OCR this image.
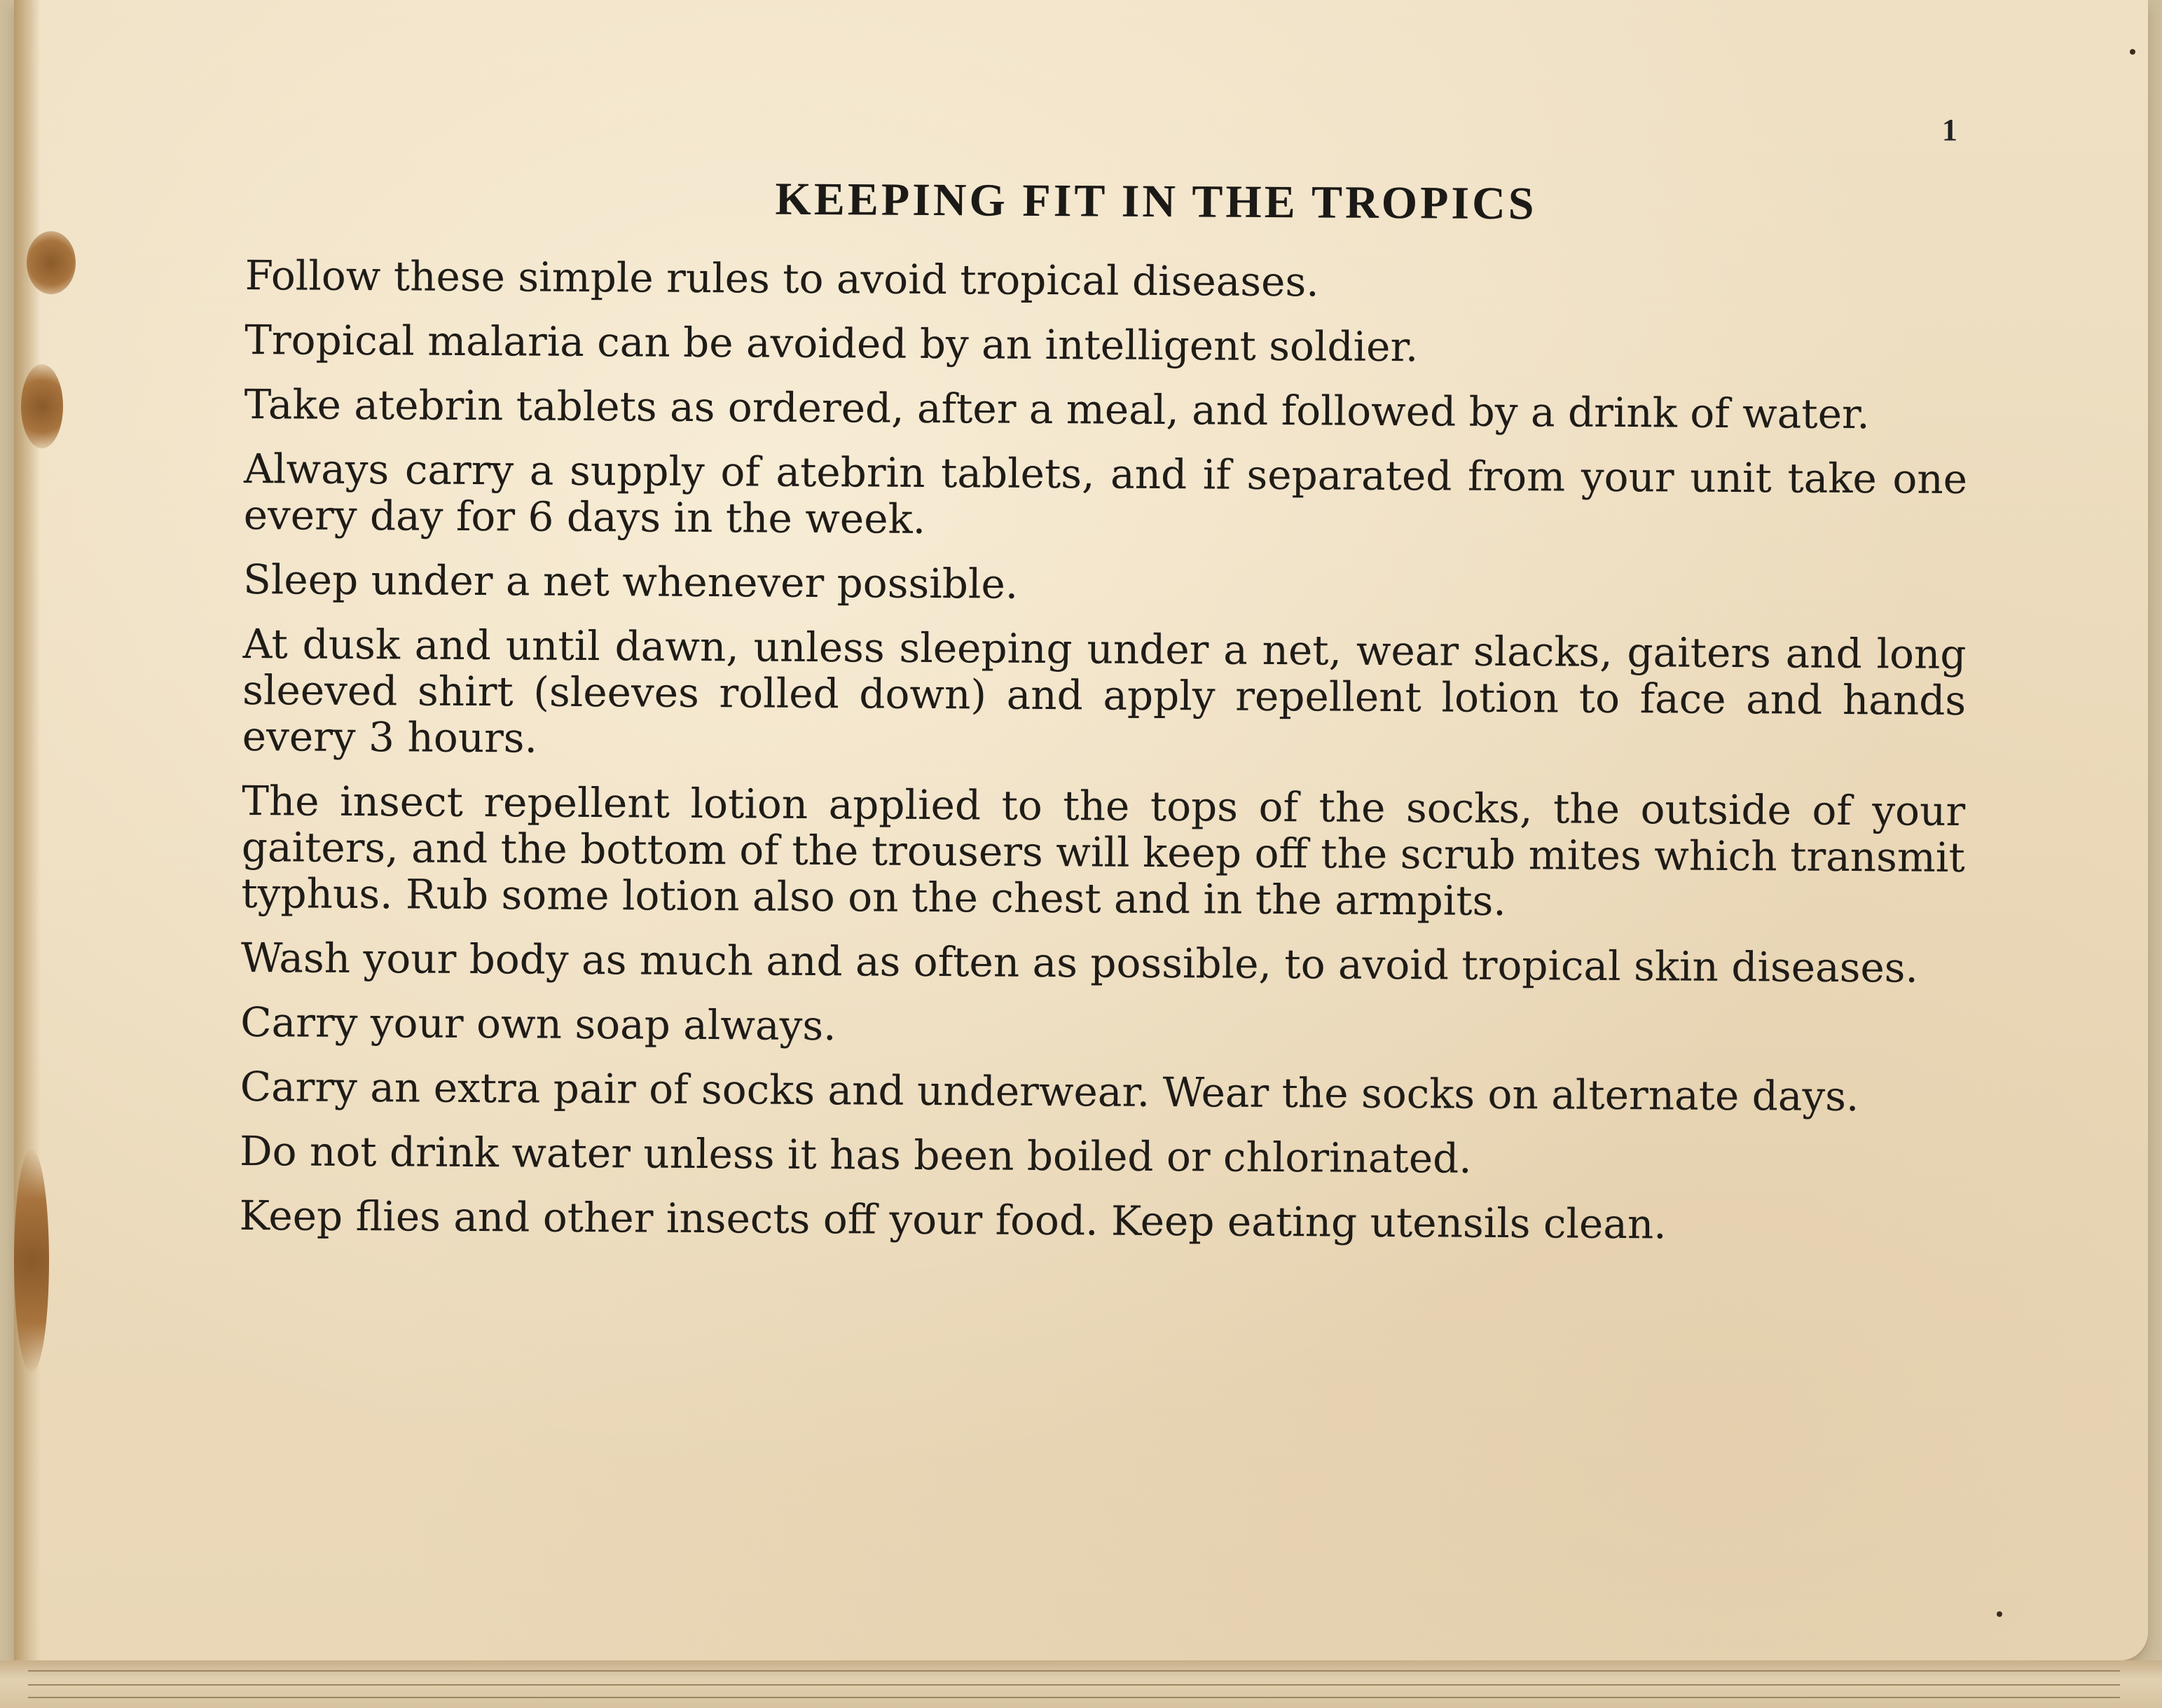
1
KEEPING FIT IN THE TROPICS

Follow these simple rules to avoid tropical diseases.

Tropical malaria can be avoided by an intelligent soldier.

Take atebrin tablets as ordered, after a meal, and followed by a drink of water.

Always carry a supply of atebrin tablets, and if separated from your unit take one every day for 6 days in the week.

Sleep under a net whenever possible.

At dusk and until dawn, unless sleeping under a net, wear slacks, gaiters and long sleeved shirt (sleeves rolled down) and apply repellent lotion to face and hands every 3 hours.

The insect repellent lotion applied to the tops of the socks, the outside of your gaiters, and the bottom of the trousers will keep off the scrub mites which transmit typhus. Rub some lotion also on the chest and in the armpits.

Wash your body as much and as often as possible, to avoid tropical skin diseases.

Carry your own soap always.

Carry an extra pair of socks and underwear. Wear the socks on alternate days.

Do not drink water unless it has been boiled or chlorinated.

Keep flies and other insects off your food. Keep eating utensils clean.
